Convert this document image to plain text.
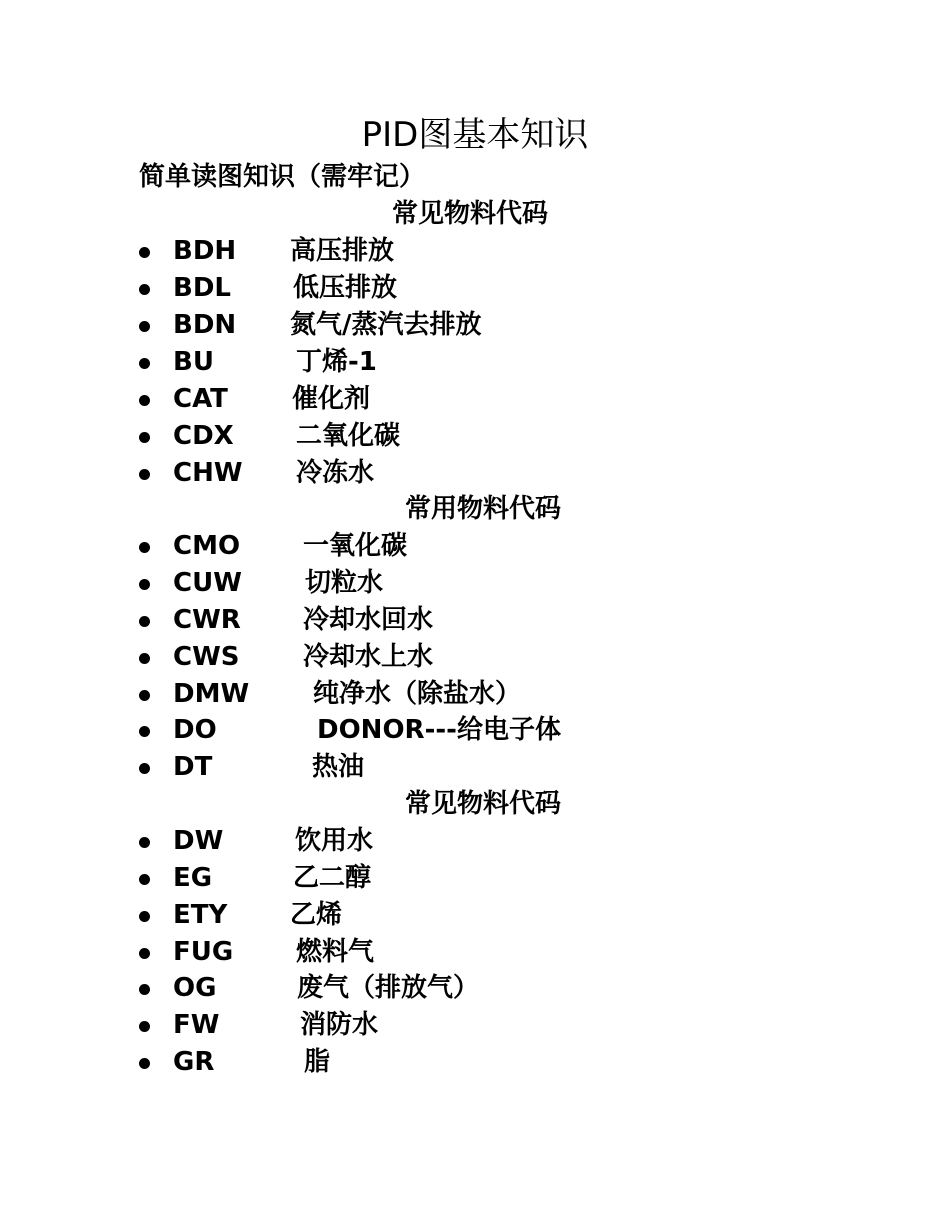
PID图基本知识
简单读图知识（需牢记）
常见物料代码
BDH 高压排放
BDL 低压排放
BDN 氮气/蒸汽去排放
BU	丁烯-1
CAT 催化剂
CDX 二氧化碳
CHW 冷冻水
常用物料代码
CMO 一氧化碳
CUW 切粒水
CWR 冷却水回水
CWS 冷却水上水
DMW 纯净水（除盐水）
DO	DONOR---给电子体
DT	热油
常见物料代码
DW	饮用水
EG	乙二醇
ETY 乙烯
FUG 燃料气
OG	废气（排放气）
FW	消防水
GR	脂
